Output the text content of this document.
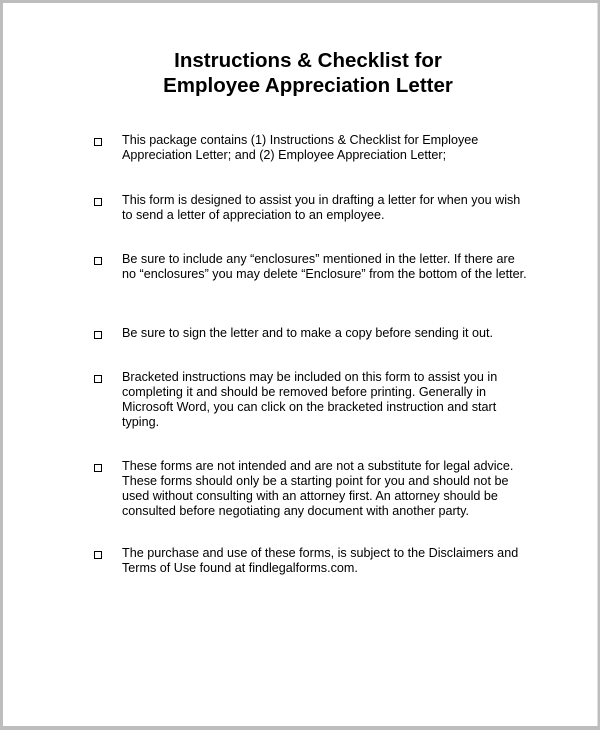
Instructions & Checklist for
Employee Appreciation Letter
This package contains (1) Instructions & Checklist for Employee
Appreciation Letter; and (2) Employee Appreciation Letter;
This form is designed to assist you in drafting a letter for when you wish
to send a letter of appreciation to an employee.
Be sure to include any “enclosures” mentioned in the letter. If there are
no “enclosures” you may delete “Enclosure” from the bottom of the letter.
Be sure to sign the letter and to make a copy before sending it out.
Bracketed instructions may be included on this form to assist you in
completing it and should be removed before printing. Generally in
Microsoft Word, you can click on the bracketed instruction and start
typing.
These forms are not intended and are not a substitute for legal advice.
These forms should only be a starting point for you and should not be
used without consulting with an attorney first. An attorney should be
consulted before negotiating any document with another party.
The purchase and use of these forms, is subject to the Disclaimers and
Terms of Use found at findlegalforms.com.
